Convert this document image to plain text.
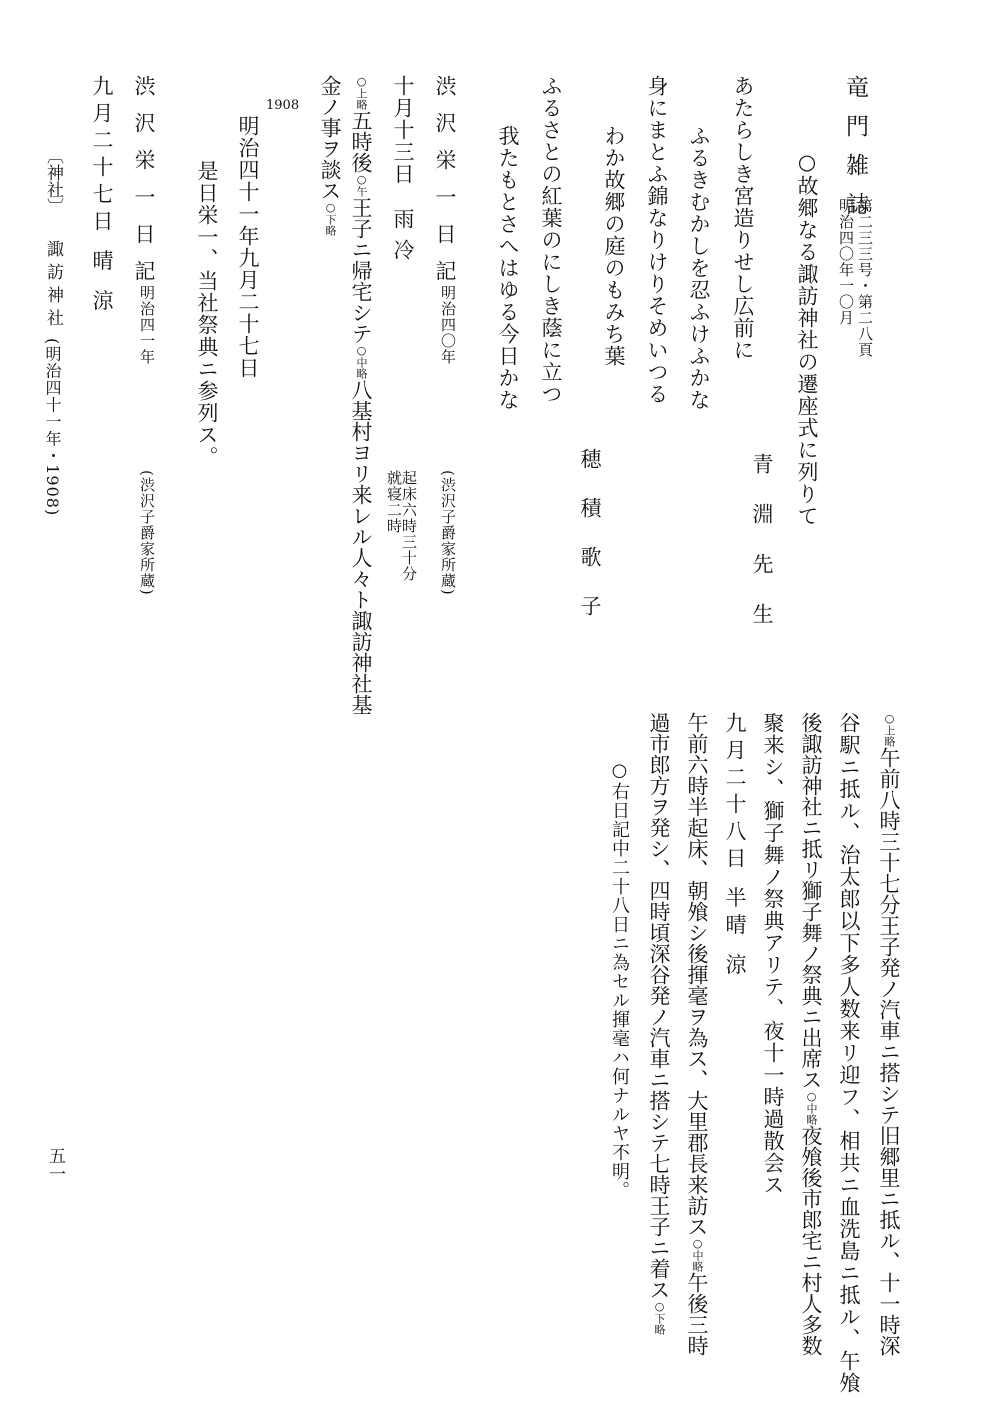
竜門雑誌
第二三三号・第二八頁
明治四〇年一〇月
○故郷なる諏訪神社の遷座式に列りて
青淵先生
あたらしき宮造りせし広前に
ふるきむかしを忍ふけふかな
身にまとふ錦なりけりそめいつる
わか故郷の庭のもみち葉
ふるさとの紅葉のにしき蔭に立つ
穂積歌子
我たもとさへはゆる今日かな
渋沢栄一日記
明治四〇年
(渋沢子爵家所蔵)
十月十三日
雨冷
起床六時三十分
就寝二時
○上略五時後○午王子ニ帰宅シテ○中略八基村ヨリ来レル人々ト諏訪神社基
金ノ事ヲ談ス○下略
1908
明治四十一年九月二十七日
是日栄一、当社祭典ニ参列ス。
渋沢栄一日記
明治四一年
(渋沢子爵家所蔵)
九月二十七日 晴 涼
〔神社〕
諏訪神社
(明治四十一年・1908)
○上略午前八時三十七分王子発ノ汽車ニ搭シテ旧郷里ニ抵ル、十一時深
谷駅ニ抵ル、治太郎以下多人数来リ迎フ、相共ニ血洗島ニ抵ル、午飧
後諏訪神社ニ抵リ獅子舞ノ祭典ニ出席ス○中略夜飧後市郎宅ニ村人多数
聚来シ、獅子舞ノ祭典アリテ、夜十一時過散会ス
九月二十八日 半晴 涼
午前六時半起床、朝飧シ後揮毫ヲ為ス、大里郡長来訪ス○中略午後三時
過市郎方ヲ発シ、四時頃深谷発ノ汽車ニ搭シテ七時王子ニ着ス○下略
○右日記中二十八日ニ為セル揮毫ハ何ナルヤ不明。
五一
